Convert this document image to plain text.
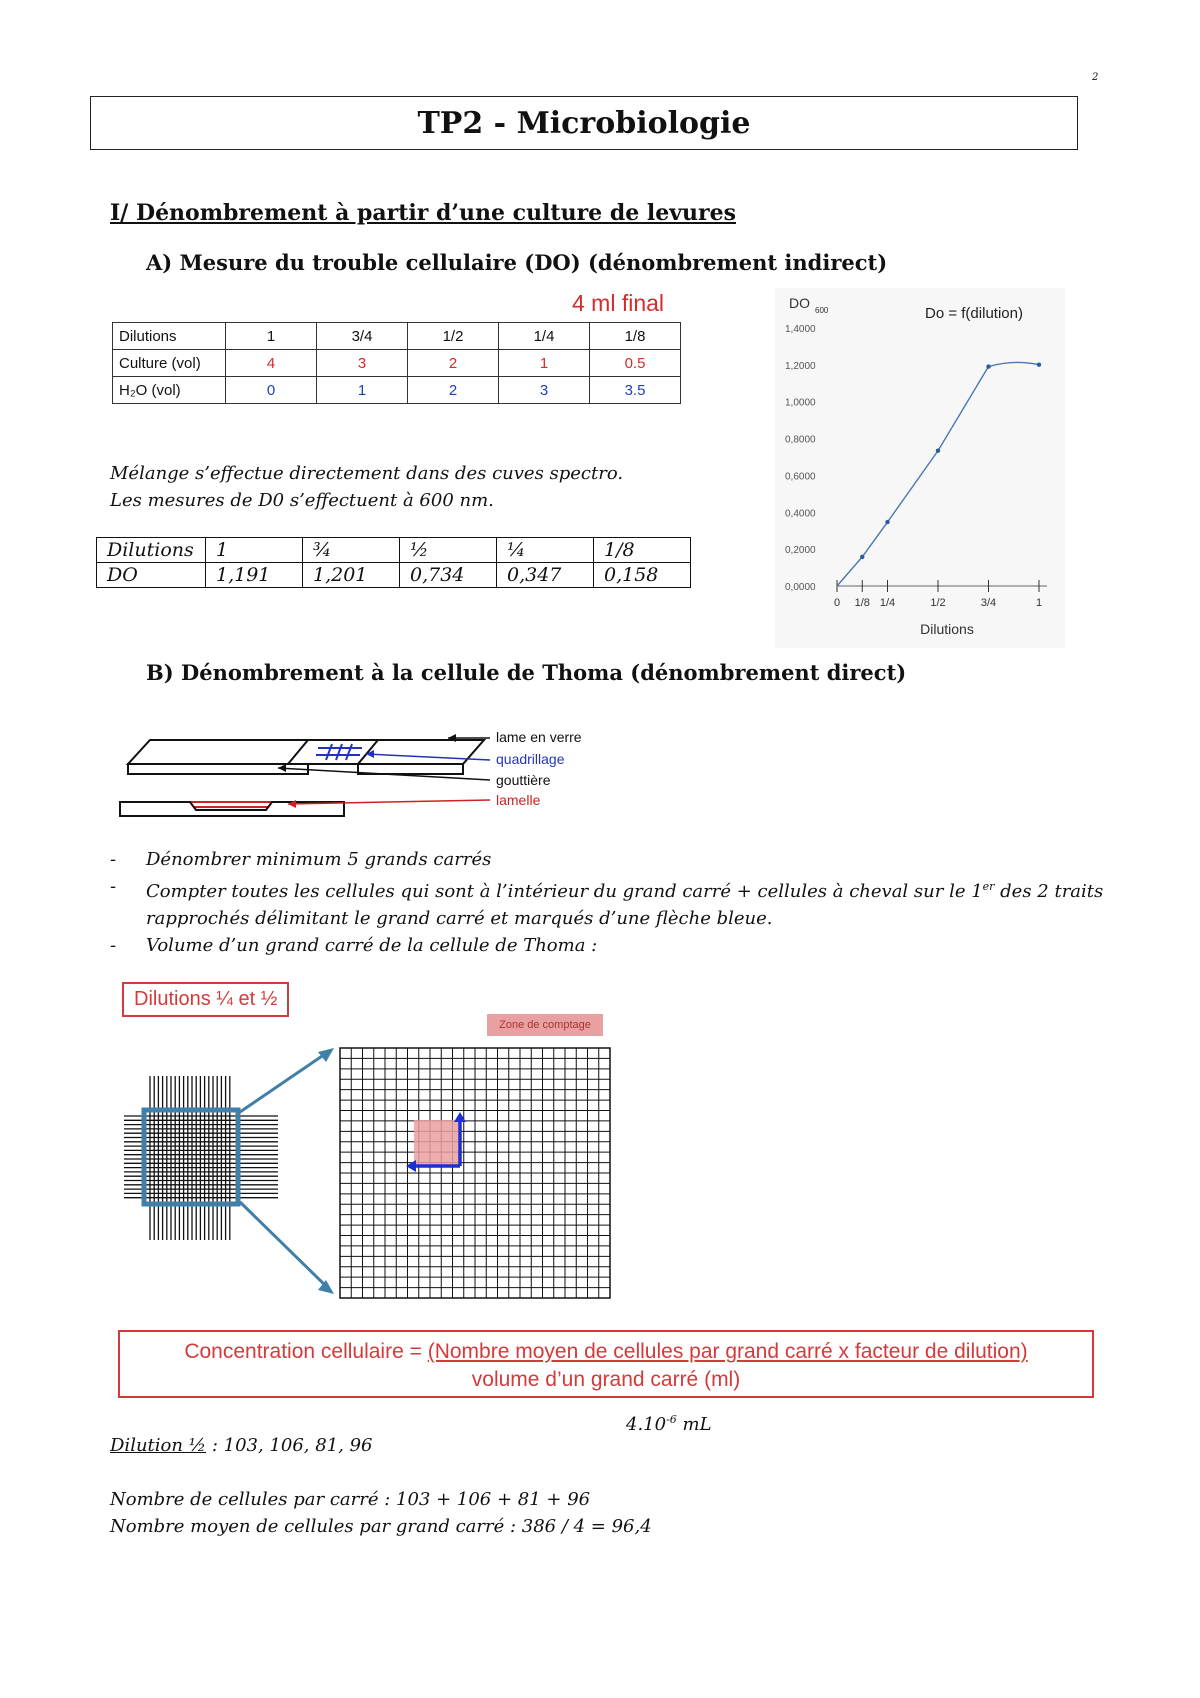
2
TP2 - Microbiologie
I/ Dénombrement à partir d’une culture de levures
A) Mesure du trouble cellulaire (DO) (dénombrement indirect)
4 ml final
Dilutions	1	3/4	1/2	1/4	1/8
Culture (vol)	4	3	2	1	0.5
H₂O (vol)	0	1	2	3	3.5
Mélange s’effectue directement dans des cuves spectro.
Les mesures de D0 s’effectuent à 600 nm.
Dilutions	1	¾	½	¼	1/8
DO	1,191	1,201	0,734	0,347	0,158
0,0000
0,2000
0,4000
0,6000
0,8000
1,0000
1,2000
1,4000
0 1/8 1/4	1/2	3/4	1
DO 600	Do = f(dilution)
Dilutions
B) Dénombrement à la cellule de Thoma (dénombrement direct)
lame en verre
quadrillage
gouttière
lamelle
- Dénombrer minimum 5 grands carrés
- Compter toutes les cellules qui sont à l’intérieur du grand carré + cellules à cheval sur le 1er des 2 traits rapprochés délimitant le grand carré et marqués d’une flèche bleue.
- Volume d’un grand carré de la cellule de Thoma :
Dilutions ¼ et ½
Zone de comptage
Concentration cellulaire = (Nombre moyen de cellules par grand carré x facteur de dilution)
volume d’un grand carré (ml)
$4.10^{-6}$ mL
Dilution ½ : 103, 106, 81, 96
Nombre de cellules par carré : 103 + 106 + 81 + 96
Nombre moyen de cellules par grand carré : 386 / 4 = 96,4
